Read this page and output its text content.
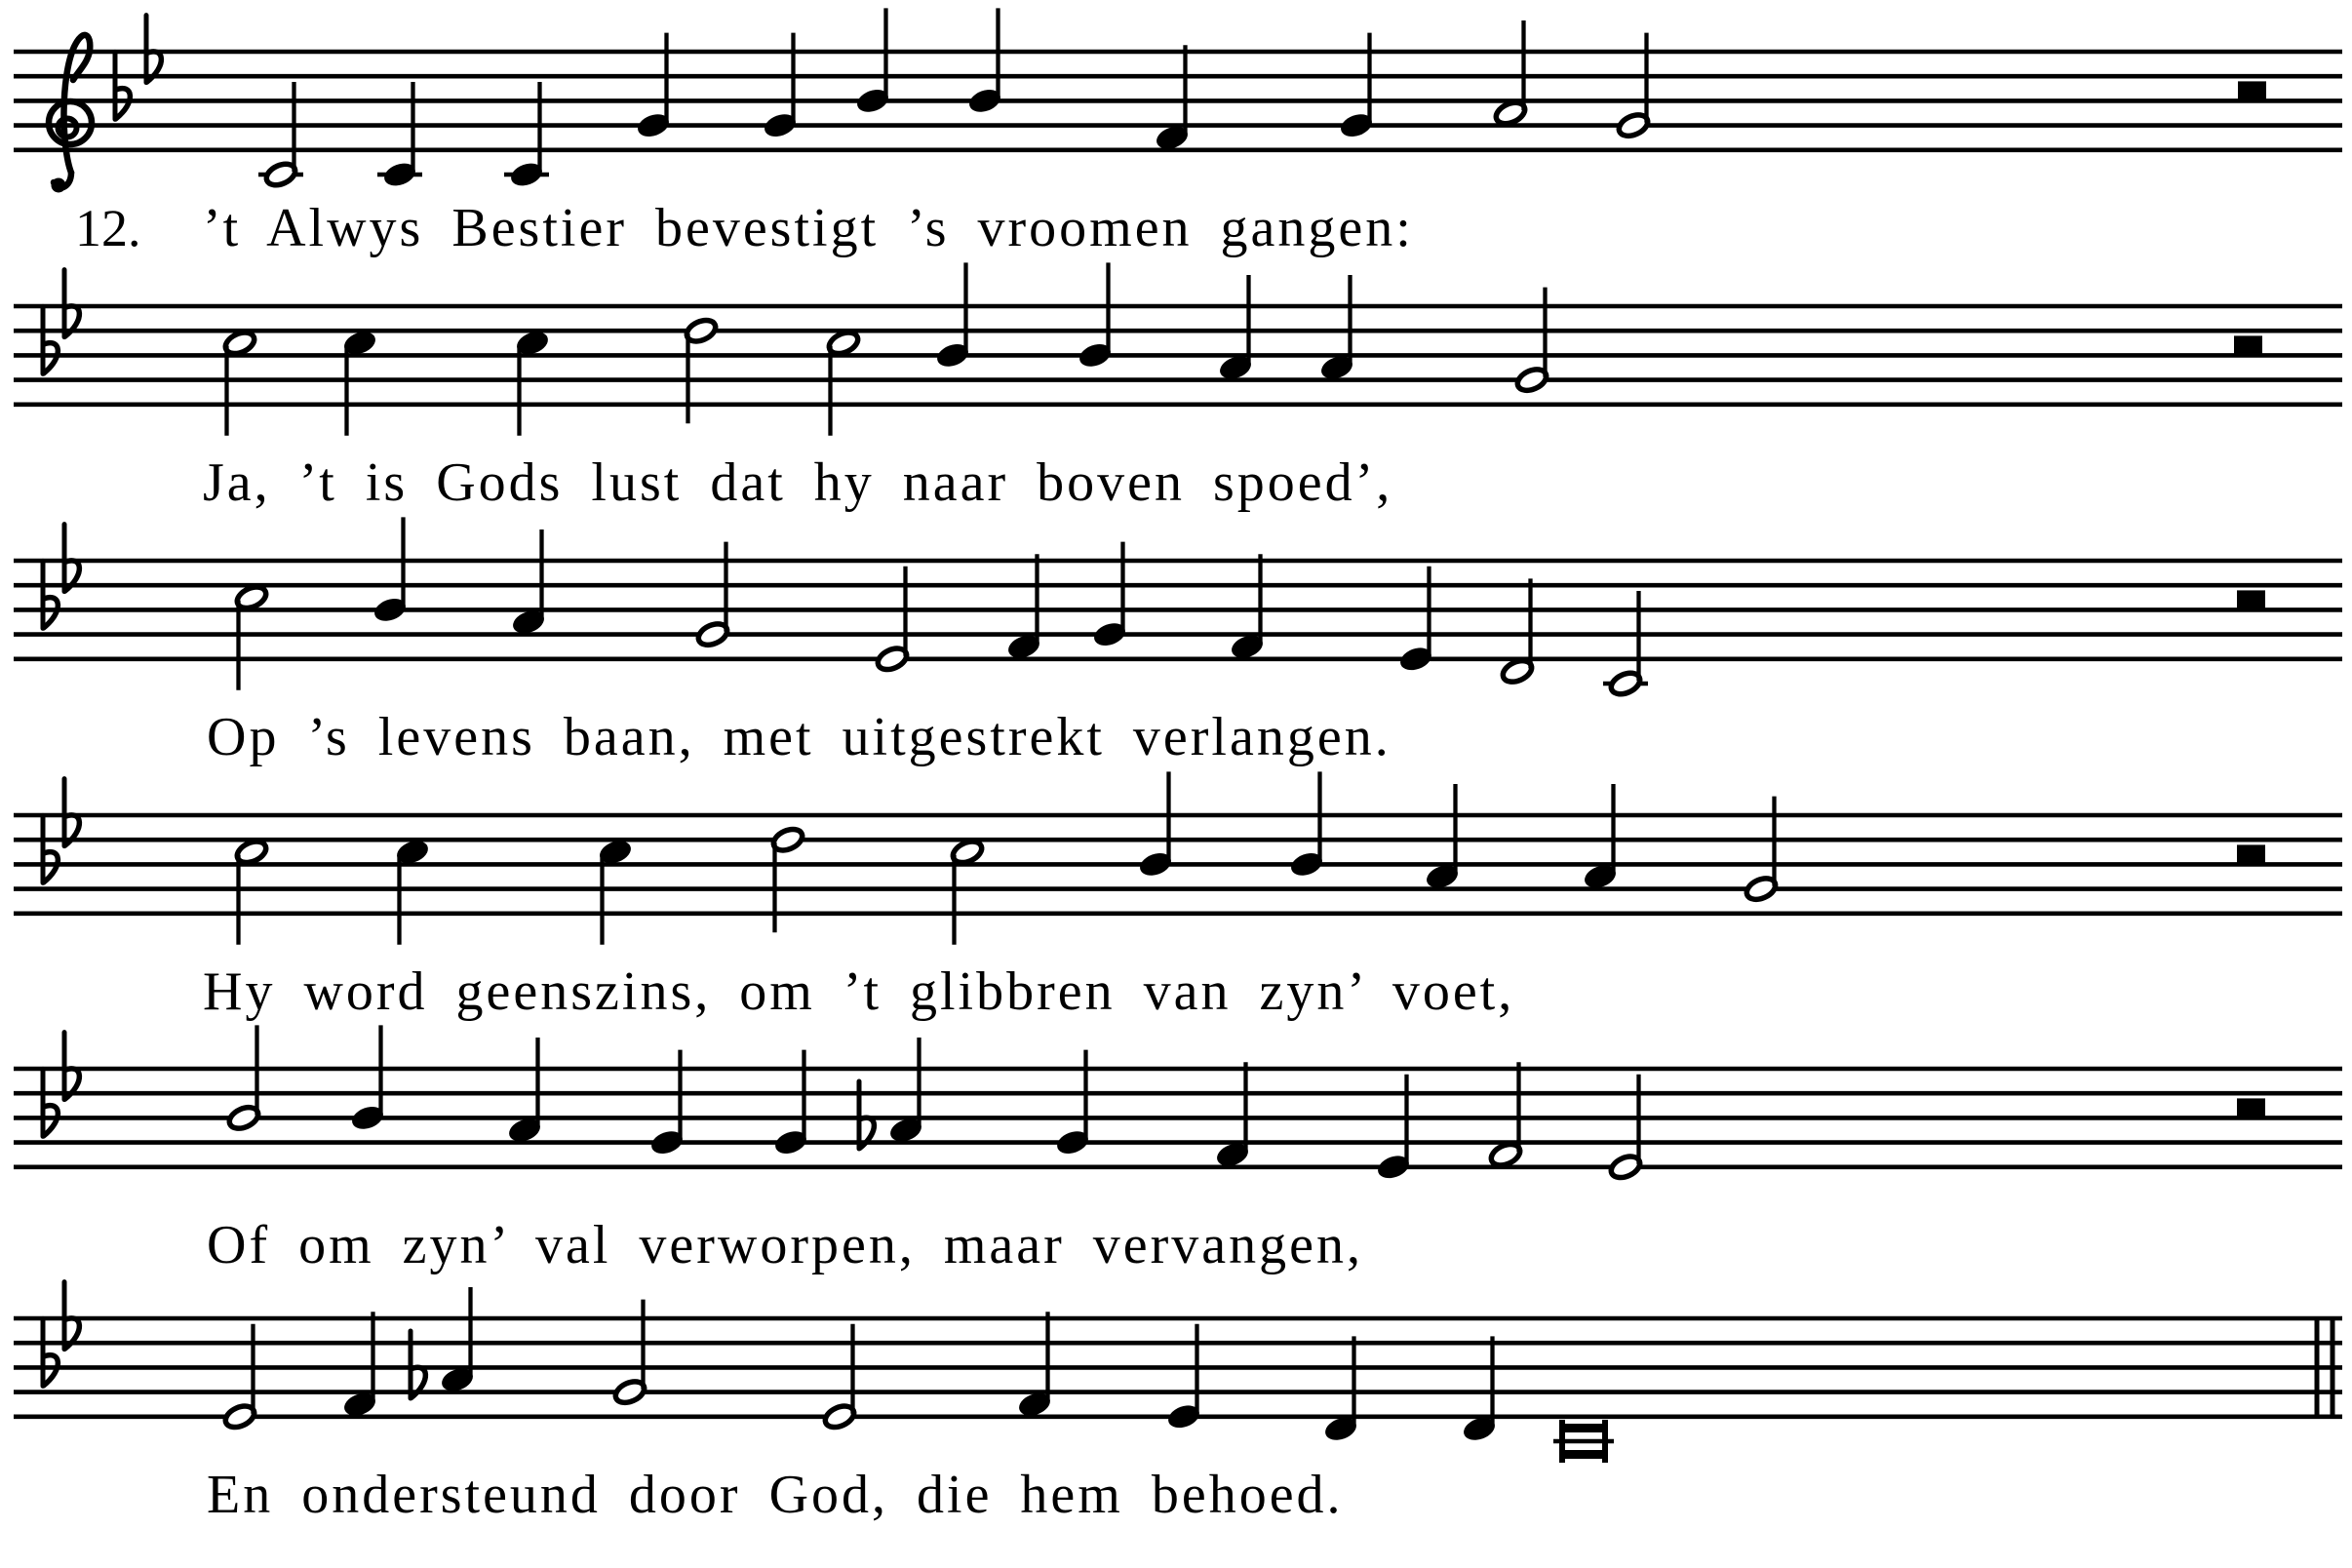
12. ’t Alwys Bestier bevestigt ’s vroomen gangen:
Ja, ’t is Gods lust dat hy naar boven spoed’,
Op ’s levens baan, met uitgestrekt verlangen.
Hy word geenszins, om ’t glibbren van zyn’ voet,
Of om zyn’ val verworpen, maar vervangen,
En ondersteund door God, die hem behoed.
